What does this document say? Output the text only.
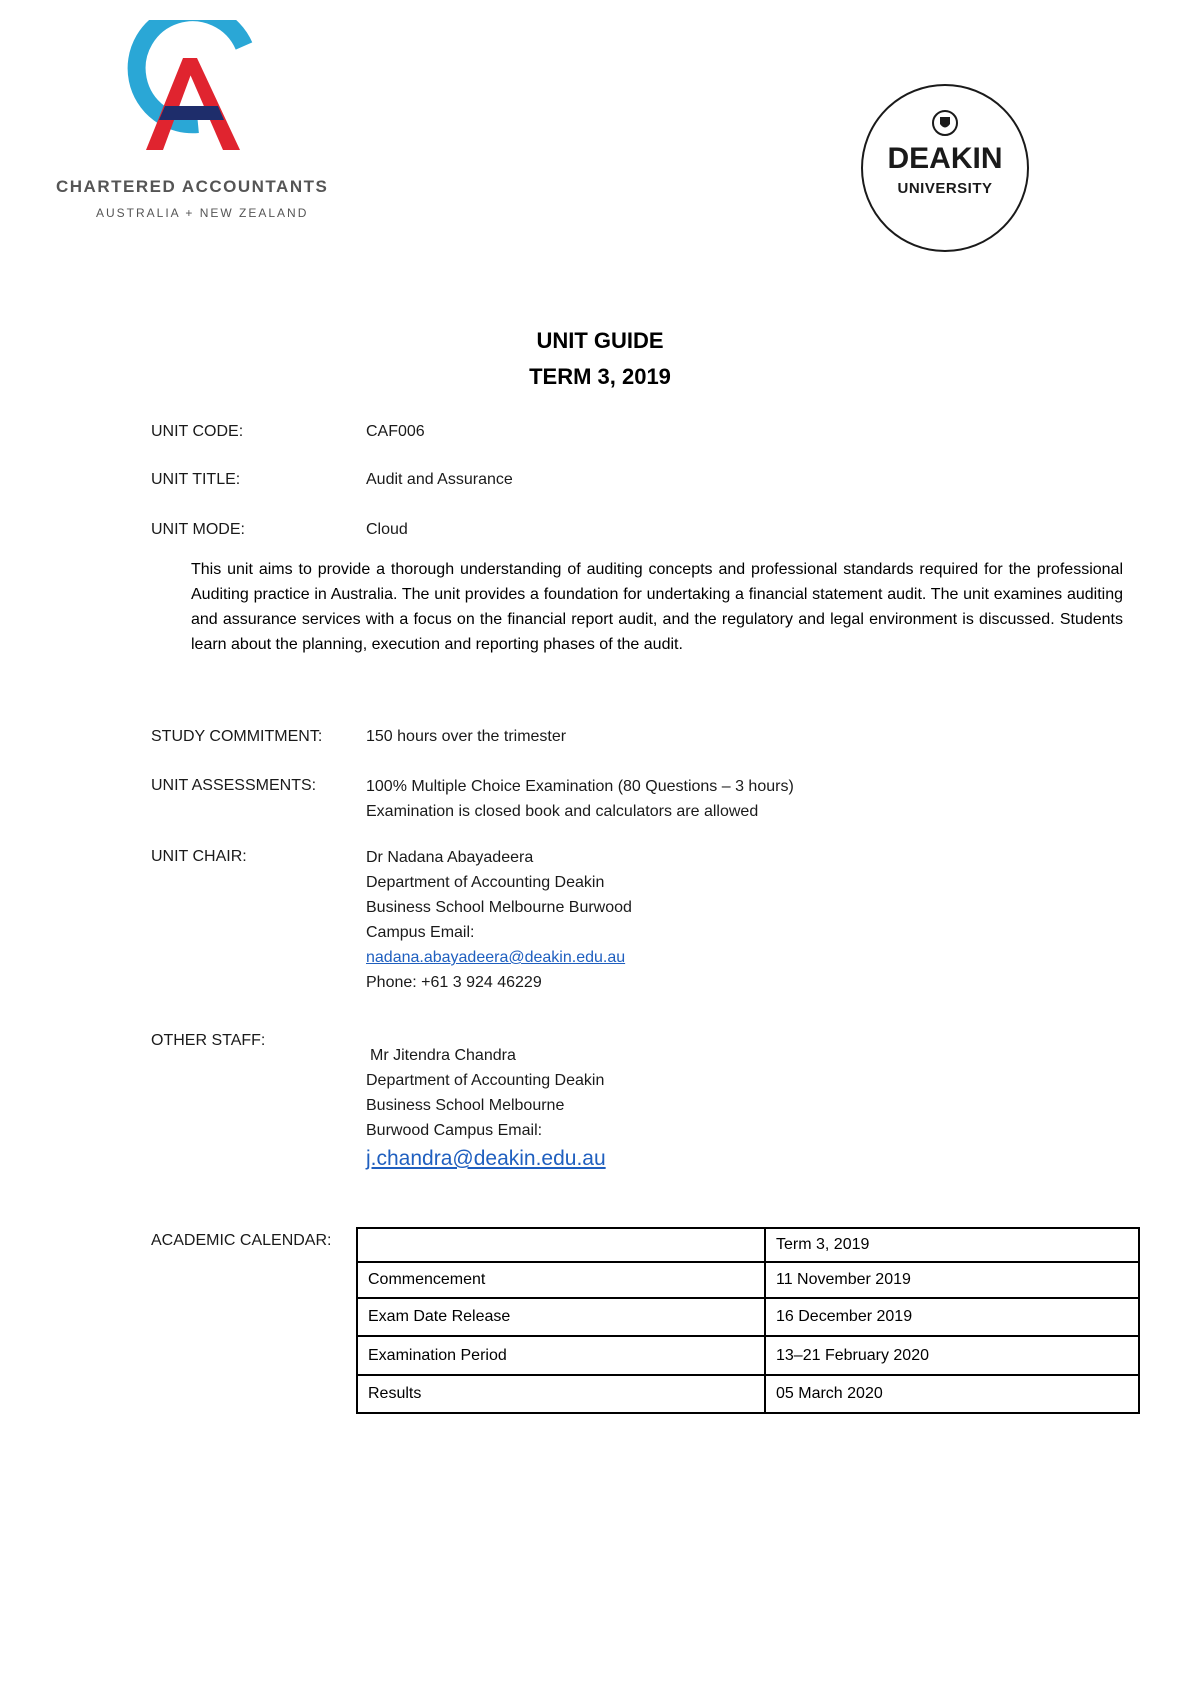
CHARTERED ACCOUNTANTS
AUSTRALIA + NEW ZEALAND
DEAKIN
UNIVERSITY
UNIT GUIDE
TERM 3, 2019
UNIT CODE:	CAF006
UNIT TITLE:	Audit and Assurance
UNIT MODE:	Cloud
This unit aims to provide a thorough understanding of auditing concepts and professional standards required for the professional Auditing practice in Australia. The unit provides a foundation for undertaking a financial statement audit. The unit examines auditing and assurance services with a focus on the financial report audit, and the regulatory and legal environment is discussed. Students learn about the planning, execution and reporting phases of the audit.
STUDY COMMITMENT:	150 hours over the trimester
UNIT ASSESSMENTS:	100% Multiple Choice Examination (80 Questions – 3 hours)
Examination is closed book and calculators are allowed
UNIT CHAIR:	Dr Nadana Abayadeera
Department of Accounting Deakin
Business School Melbourne Burwood
Campus Email:
nadana.abayadeera@deakin.edu.au
Phone: +61 3 924 46229
OTHER STAFF:
Mr Jitendra Chandra
Department of Accounting Deakin
Business School Melbourne
Burwood Campus Email:
j.chandra@deakin.edu.au
ACADEMIC CALENDAR:
		Term 3, 2019
Commencement	11 November 2019
Exam Date Release	16 December 2019
Examination Period	13–21 February 2020
Results	05 March 2020
